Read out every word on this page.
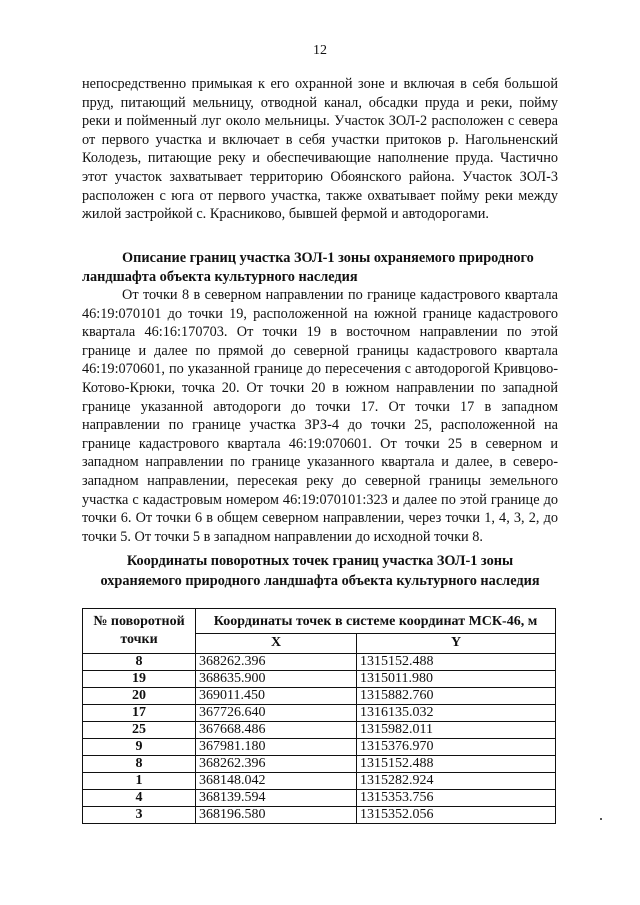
12

непосредственно примыкая к его охранной зоне и включая в себя большой пруд, питающий мельницу, отводной канал, обсадки пруда и реки, пойму реки и пойменный луг около мельницы. Участок ЗОЛ-2 расположен с севера от первого участка и включает в себя участки притоков р. Нагольненский Колодезь, питающие реку и обеспечивающие наполнение пруда. Частично этот участок захватывает территорию Обоянского района. Участок ЗОЛ-3 расположен с юга от первого участка, также охватывает пойму реки между жилой застройкой с. Красниково, бывшей фермой и автодорогами.

Описание границ участка ЗОЛ-1 зоны охраняемого природного
ландшафта объекта культурного наследия

От точки 8 в северном направлении по границе кадастрового квартала 46:19:070101 до точки 19, расположенной на южной границе кадастрового квартала 46:16:170703. От точки 19 в восточном направлении по этой границе и далее по прямой до северной границы кадастрового квартала 46:19:070601, по указанной границе до пересечения с автодорогой Кривцово-Котово-Крюки, точка 20. От точки 20 в южном направлении по западной границе указанной автодороги до точки 17. От точки 17 в западном направлении по границе участка ЗРЗ-4 до точки 25, расположенной на границе кадастрового квартала 46:19:070601. От точки 25 в северном и западном направлении по границе указанного квартала и далее, в северо-западном направлении, пересекая реку до северной границы земельного участка с кадастровым номером 46:19:070101:323 и далее по этой границе до точки 6. От точки 6 в общем северном направлении, через точки 1, 4, 3, 2, до точки 5. От точки 5 в западном направлении до исходной точки 8.

Координаты поворотных точек границ участка ЗОЛ-1 зоны
охраняемого природного ландшафта объекта культурного наследия
№ поворотной точки	Координаты точек в системе координат МСК-46, м	
	X	Y
8	368262.396	1315152.488
19	368635.900	1315011.980
20	369011.450	1315882.760
17	367726.640	1316135.032
25	367668.486	1315982.011
9	367981.180	1315376.970
8	368262.396	1315152.488
1	368148.042	1315282.924
4	368139.594	1315353.756
3	368196.580	1315352.056
